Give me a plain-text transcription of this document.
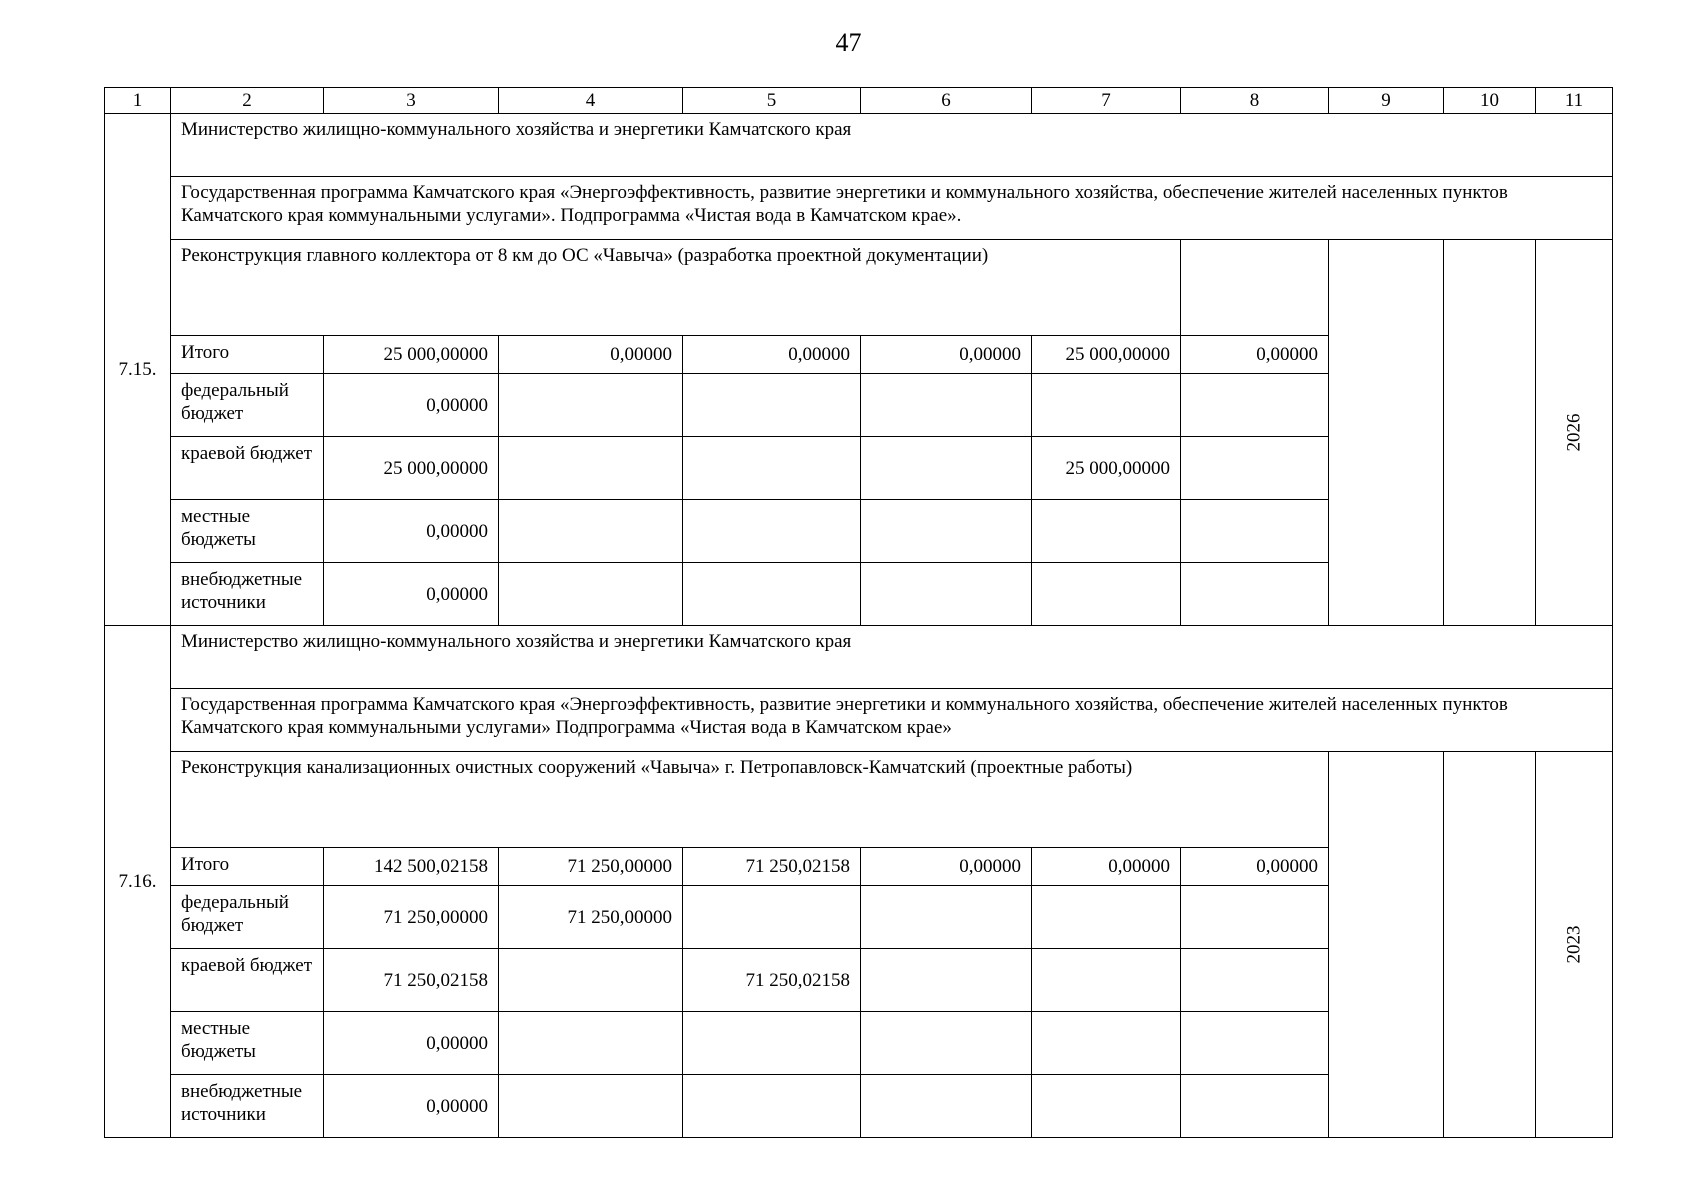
47
1	2	3	4	5	6	7	8	9	10	11
7.15.	Министерство жилищно-коммунального хозяйства и энергетики Камчатского края									
	Государственная программа Камчатского края «Энергоэффективность, развитие энергетики и коммунального хозяйства, обеспечение жителей населенных пунктов Камчатского края коммунальными услугами». Подпрограмма «Чистая вода в Камчатском крае».									
	Реконструкция главного коллектора от 8 км до ОС «Чавыча» (разработка проектной документации)									2026
	Итого	25 000,00000	0,00000	0,00000	0,00000	25 000,00000	0,00000			
	федеральный бюджет	0,00000								
	краевой бюджет	25 000,00000				25 000,00000				
	местные бюджеты	0,00000								
	внебюджетные источники	0,00000								
7.16.	Министерство жилищно-коммунального хозяйства и энергетики Камчатского края									
	Государственная программа Камчатского края «Энергоэффективность, развитие энергетики и коммунального хозяйства, обеспечение жителей населенных пунктов Камчатского края коммунальными услугами» Подпрограмма «Чистая вода в Камчатском крае»									
	Реконструкция канализационных очистных сооружений «Чавыча» г. Петропавловск-Камчатский (проектные работы)									2023
	Итого	142 500,02158	71 250,00000	71 250,02158	0,00000	0,00000	0,00000			
	федеральный бюджет	71 250,00000	71 250,00000							
	краевой бюджет	71 250,02158		71 250,02158						
	местные бюджеты	0,00000								
	внебюджетные источники	0,00000								
